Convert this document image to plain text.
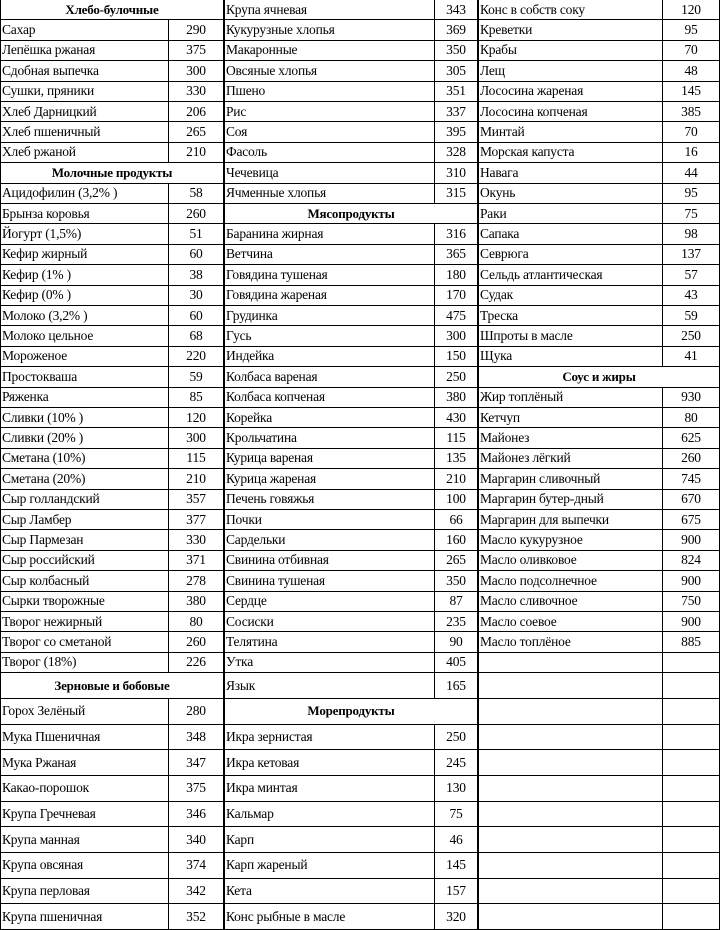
Хлебо-булочные
Сахар	290
Лепёшка ржаная	375
Сдобная выпечка	300
Сушки, пряники	330
Хлеб Дарницкий	206
Хлеб пшеничный	265
Хлеб ржаной	210
Молочные продукты
Ацидофилин (3,2% )	58
Брынза коровья	260
Йогурт (1,5%)	51
Кефир жирный	60
Кефир (1% )	38
Кефир (0% )	30
Молоко (3,2% )	60
Молоко цельное	68
Мороженое	220
Простокваша	59
Ряженка	85
Сливки (10% )	120
Сливки (20% )	300
Сметана (10%)	115
Сметана (20%)	210
Сыр голландский	357
Сыр Ламбер	377
Сыр Пармезан	330
Сыр российский	371
Сыр колбасный	278
Сырки творожные	380
Творог нежирный	80
Творог со сметаной	260
Творог (18%)	226
Зерновые и бобовые
Горох Зелёный	280
Мука Пшеничная	348
Мука Ржаная	347
Какао-порошок	375
Крупа Гречневая	346
Крупа манная	340
Крупа овсяная	374
Крупа перловая	342
Крупа пшеничная	352
Крупа ячневая	343
Кукурузные хлопья	369
Макаронные	350
Овсяные хлопья	305
Пшено	351
Рис	337
Соя	395
Фасоль	328
Чечевица	310
Ячменные хлопья	315
Мясопродукты
Баранина жирная	316
Ветчина	365
Говядина тушеная	180
Говядина жареная	170
Грудинка	475
Гусь	300
Индейка	150
Колбаса вареная	250
Колбаса копченая	380
Корейка	430
Крольчатина	115
Курица вареная	135
Курица жареная	210
Печень говяжья	100
Почки	66
Сардельки	160
Свинина отбивная	265
Свинина тушеная	350
Сердце	87
Сосиски	235
Телятина	90
Утка	405
Язык	165
Морепродукты
Икра зернистая	250
Икра кетовая	245
Икра минтая	130
Кальмар	75
Карп	46
Карп жареный	145
Кета	157
Конс рыбные в масле	320
Конс в собств соку	120
Креветки	95
Крабы	70
Лещ	48
Лососина жареная	145
Лососина копченая	385
Минтай	70
Морская капуста	16
Навага	44
Окунь	95
Раки	75
Сапака	98
Севрюга	137
Сельдь атлантическая	57
Судак	43
Треска	59
Шпроты в масле	250
Щука	41
Соус и жиры
Жир топлёный	930
Кетчуп	80
Майонез	625
Майонез лёгкий	260
Маргарин сливочный	745
Маргарин бутер-дный	670
Маргарин для выпечки	675
Масло кукурузное	900
Масло оливковое	824
Масло подсолнечное	900
Масло сливочное	750
Масло соевое	900
Масло топлёное	885
